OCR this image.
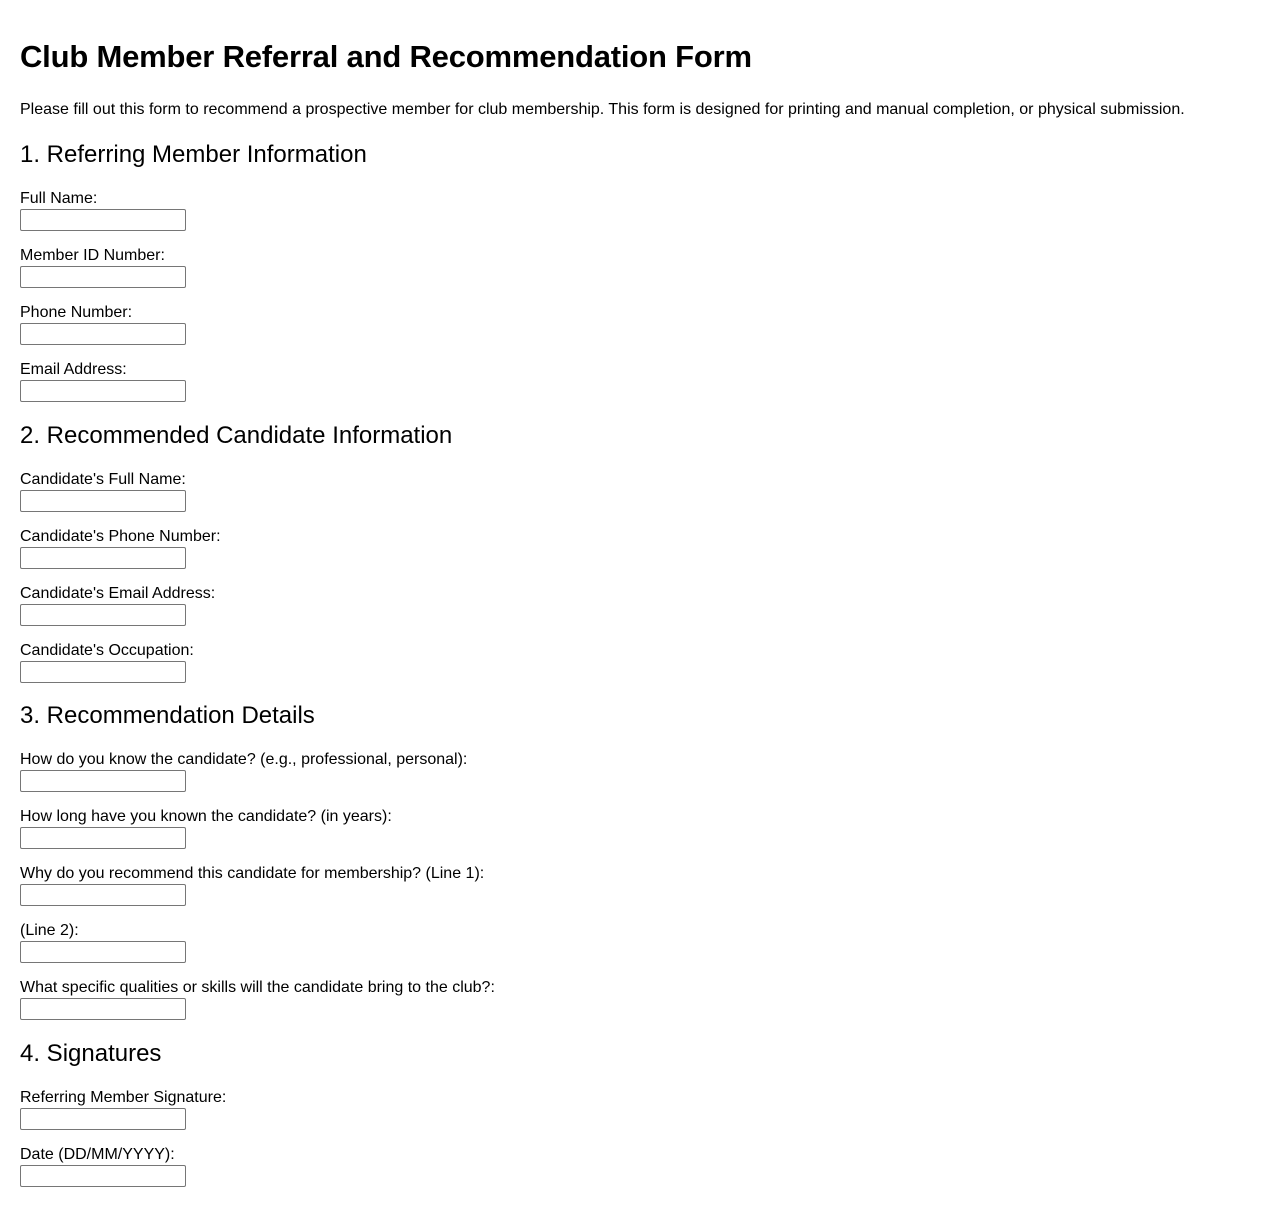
Club Member Referral and Recommendation Form

Please fill out this form to recommend a prospective member for club membership. This form is designed for printing and manual completion, or physical submission.

1. Referring Member Information
Full Name:
Member ID Number:
Phone Number:
Email Address:
2. Recommended Candidate Information
Candidate's Full Name:
Candidate's Phone Number:
Candidate's Email Address:
Candidate's Occupation:
3. Recommendation Details
How do you know the candidate? (e.g., professional, personal):
How long have you known the candidate? (in years):
Why do you recommend this candidate for membership? (Line 1):
(Line 2):
What specific qualities or skills will the candidate bring to the club?:
4. Signatures
Referring Member Signature:
Date (DD/MM/YYYY):
